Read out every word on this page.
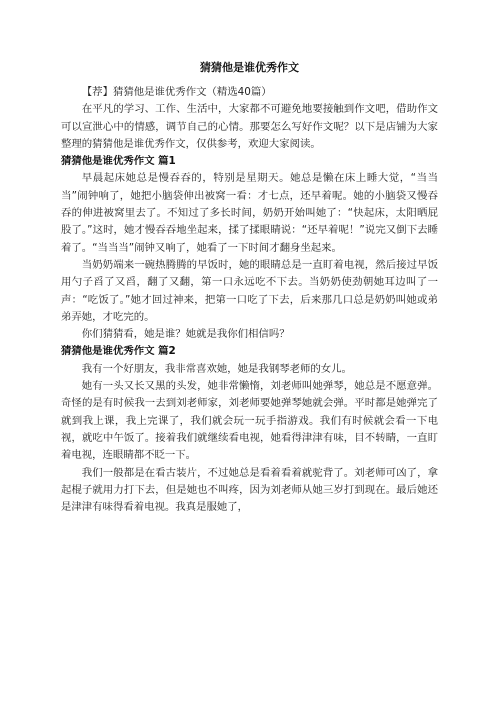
猜猜他是谁优秀作文

【荐】猜猜他是谁优秀作文（精选40篇）

在平凡的学习、工作、生活中，大家都不可避免地要接触到作文吧，借助作文可以宣泄心中的情感，调节自己的心情。那要怎么写好作文呢？以下是店铺为大家整理的猜猜他是谁优秀作文，仅供参考，欢迎大家阅读。

猜猜他是谁优秀作文 篇1

早晨起床她总是慢吞吞的，特别是星期天。她总是懒在床上睡大觉，“当当当”闹钟响了，她把小脑袋伸出被窝一看：才七点，还早着呢。她的小脑袋又慢吞吞的伸进被窝里去了。不知过了多长时间，奶奶开始叫她了：“快起床，太阳晒屁股了。”这时，她才慢吞吞地坐起来，揉了揉眼睛说：“还早着呢！”说完又倒下去睡着了。“当当当”闹钟又响了，她看了一下时间才翻身坐起来。

当奶奶端来一碗热腾腾的早饭时，她的眼睛总是一直盯着电视，然后接过早饭用勺子舀了又舀，翻了又翻，第一口永远吃不下去。当奶奶使劲朝她耳边叫了一声：“吃饭了。”她才回过神来，把第一口吃了下去，后来那几口总是奶奶叫她或弟弟弄她，才吃完的。

你们猜猜看，她是谁？她就是我你们相信吗？

猜猜他是谁优秀作文 篇2

我有一个好朋友，我非常喜欢她，她是我钢琴老师的女儿。

她有一头又长又黑的头发，她非常懒惰，刘老师叫她弹琴，她总是不愿意弹。奇怪的是有时候我一去到刘老师家，刘老师要她弹琴她就会弹。平时都是她弹完了就到我上课，我上完课了，我们就会玩一玩手指游戏。我们有时候就会看一下电视，就吃中午饭了。接着我们就继续看电视，她看得津津有味，目不转睛，一直盯着电视，连眼睛都不眨一下。

我们一般都是在看古装片，不过她总是看着看着就驼背了。刘老师可凶了，拿起棍子就用力打下去，但是她也不叫疼，因为刘老师从她三岁打到现在。最后她还是津津有味得看着电视。我真是服她了，
